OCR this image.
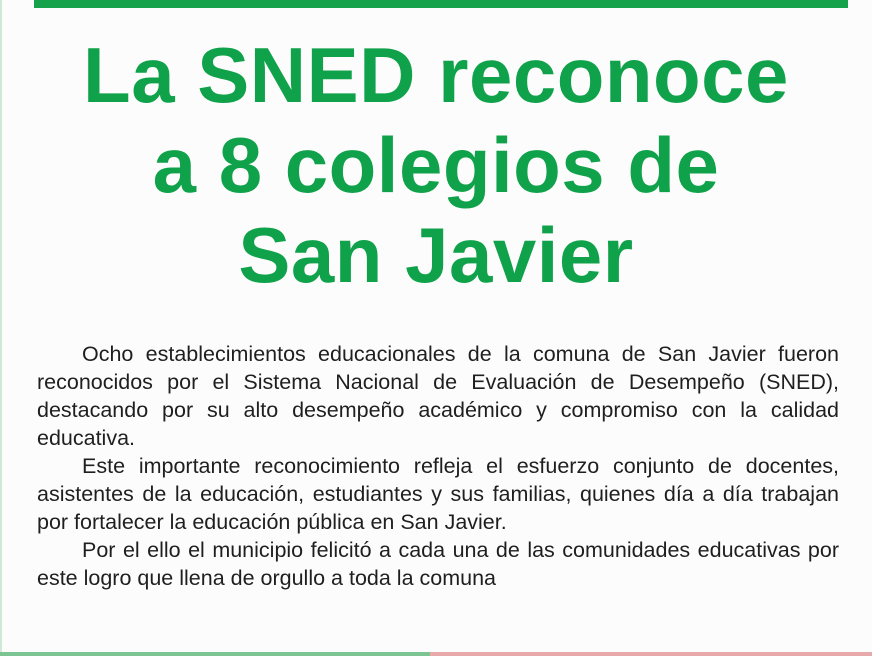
La SNED reconoce
a 8 colegios de
San Javier

Ocho establecimientos educacionales de la comuna de San Javier fueron reconocidos por el Sistema Nacional de Evaluación de Desempeño (SNED), destacando por su alto desempeño académico y compromiso con la calidad educativa.

Este importante reconocimiento refleja el esfuerzo conjunto de docentes, asistentes de la educación, estudiantes y sus familias, quienes día a día trabajan por fortalecer la educación pública en San Javier.

Por el ello el municipio felicitó a cada una de las comunidades educativas por este logro que llena de orgullo a toda la comuna
